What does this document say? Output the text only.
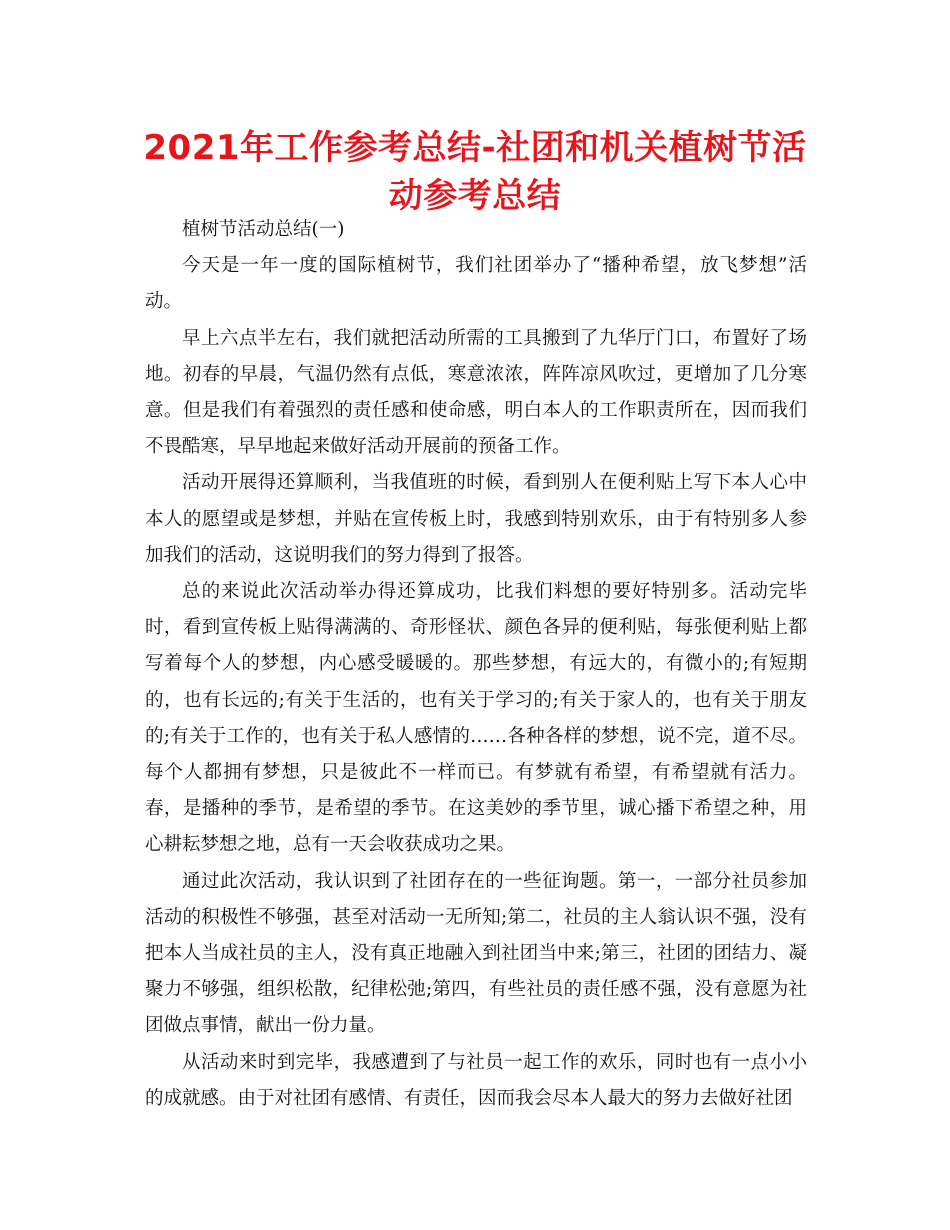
2021年工作参考总结-社团和机关植树节活动参考总结

植树节活动总结(一)

今天是一年一度的国际植树节，我们社团举办了“播种希望，放飞梦想”活动。

早上六点半左右，我们就把活动所需的工具搬到了九华厅门口，布置好了场地。初春的早晨，气温仍然有点低，寒意浓浓，阵阵凉风吹过，更增加了几分寒意。但是我们有着强烈的责任感和使命感，明白本人的工作职责所在，因而我们不畏酷寒，早早地起来做好活动开展前的预备工作。

活动开展得还算顺利，当我值班的时候，看到别人在便利贴上写下本人心中本人的愿望或是梦想，并贴在宣传板上时，我感到特别欢乐，由于有特别多人参加我们的活动，这说明我们的努力得到了报答。

总的来说此次活动举办得还算成功，比我们料想的要好特别多。活动完毕时，看到宣传板上贴得满满的、奇形怪状、颜色各异的便利贴，每张便利贴上都写着每个人的梦想，内心感受暖暖的。那些梦想，有远大的，有微小的;有短期的，也有长远的;有关于生活的，也有关于学习的;有关于家人的，也有关于朋友的;有关于工作的，也有关于私人感情的……各种各样的梦想，说不完，道不尽。每个人都拥有梦想，只是彼此不一样而已。有梦就有希望，有希望就有活力。春，是播种的季节，是希望的季节。在这美妙的季节里，诚心播下希望之种，用心耕耘梦想之地，总有一天会收获成功之果。

通过此次活动，我认识到了社团存在的一些征询题。第一，一部分社员参加活动的积极性不够强，甚至对活动一无所知;第二，社员的主人翁认识不强，没有把本人当成社员的主人，没有真正地融入到社团当中来;第三，社团的团结力、凝聚力不够强，组织松散，纪律松弛;第四，有些社员的责任感不强，没有意愿为社团做点事情，献出一份力量。

从活动来时到完毕，我感遭到了与社员一起工作的欢乐，同时也有一点小小的成就感。由于对社团有感情、有责任，因而我会尽本人最大的努力去做好社团
